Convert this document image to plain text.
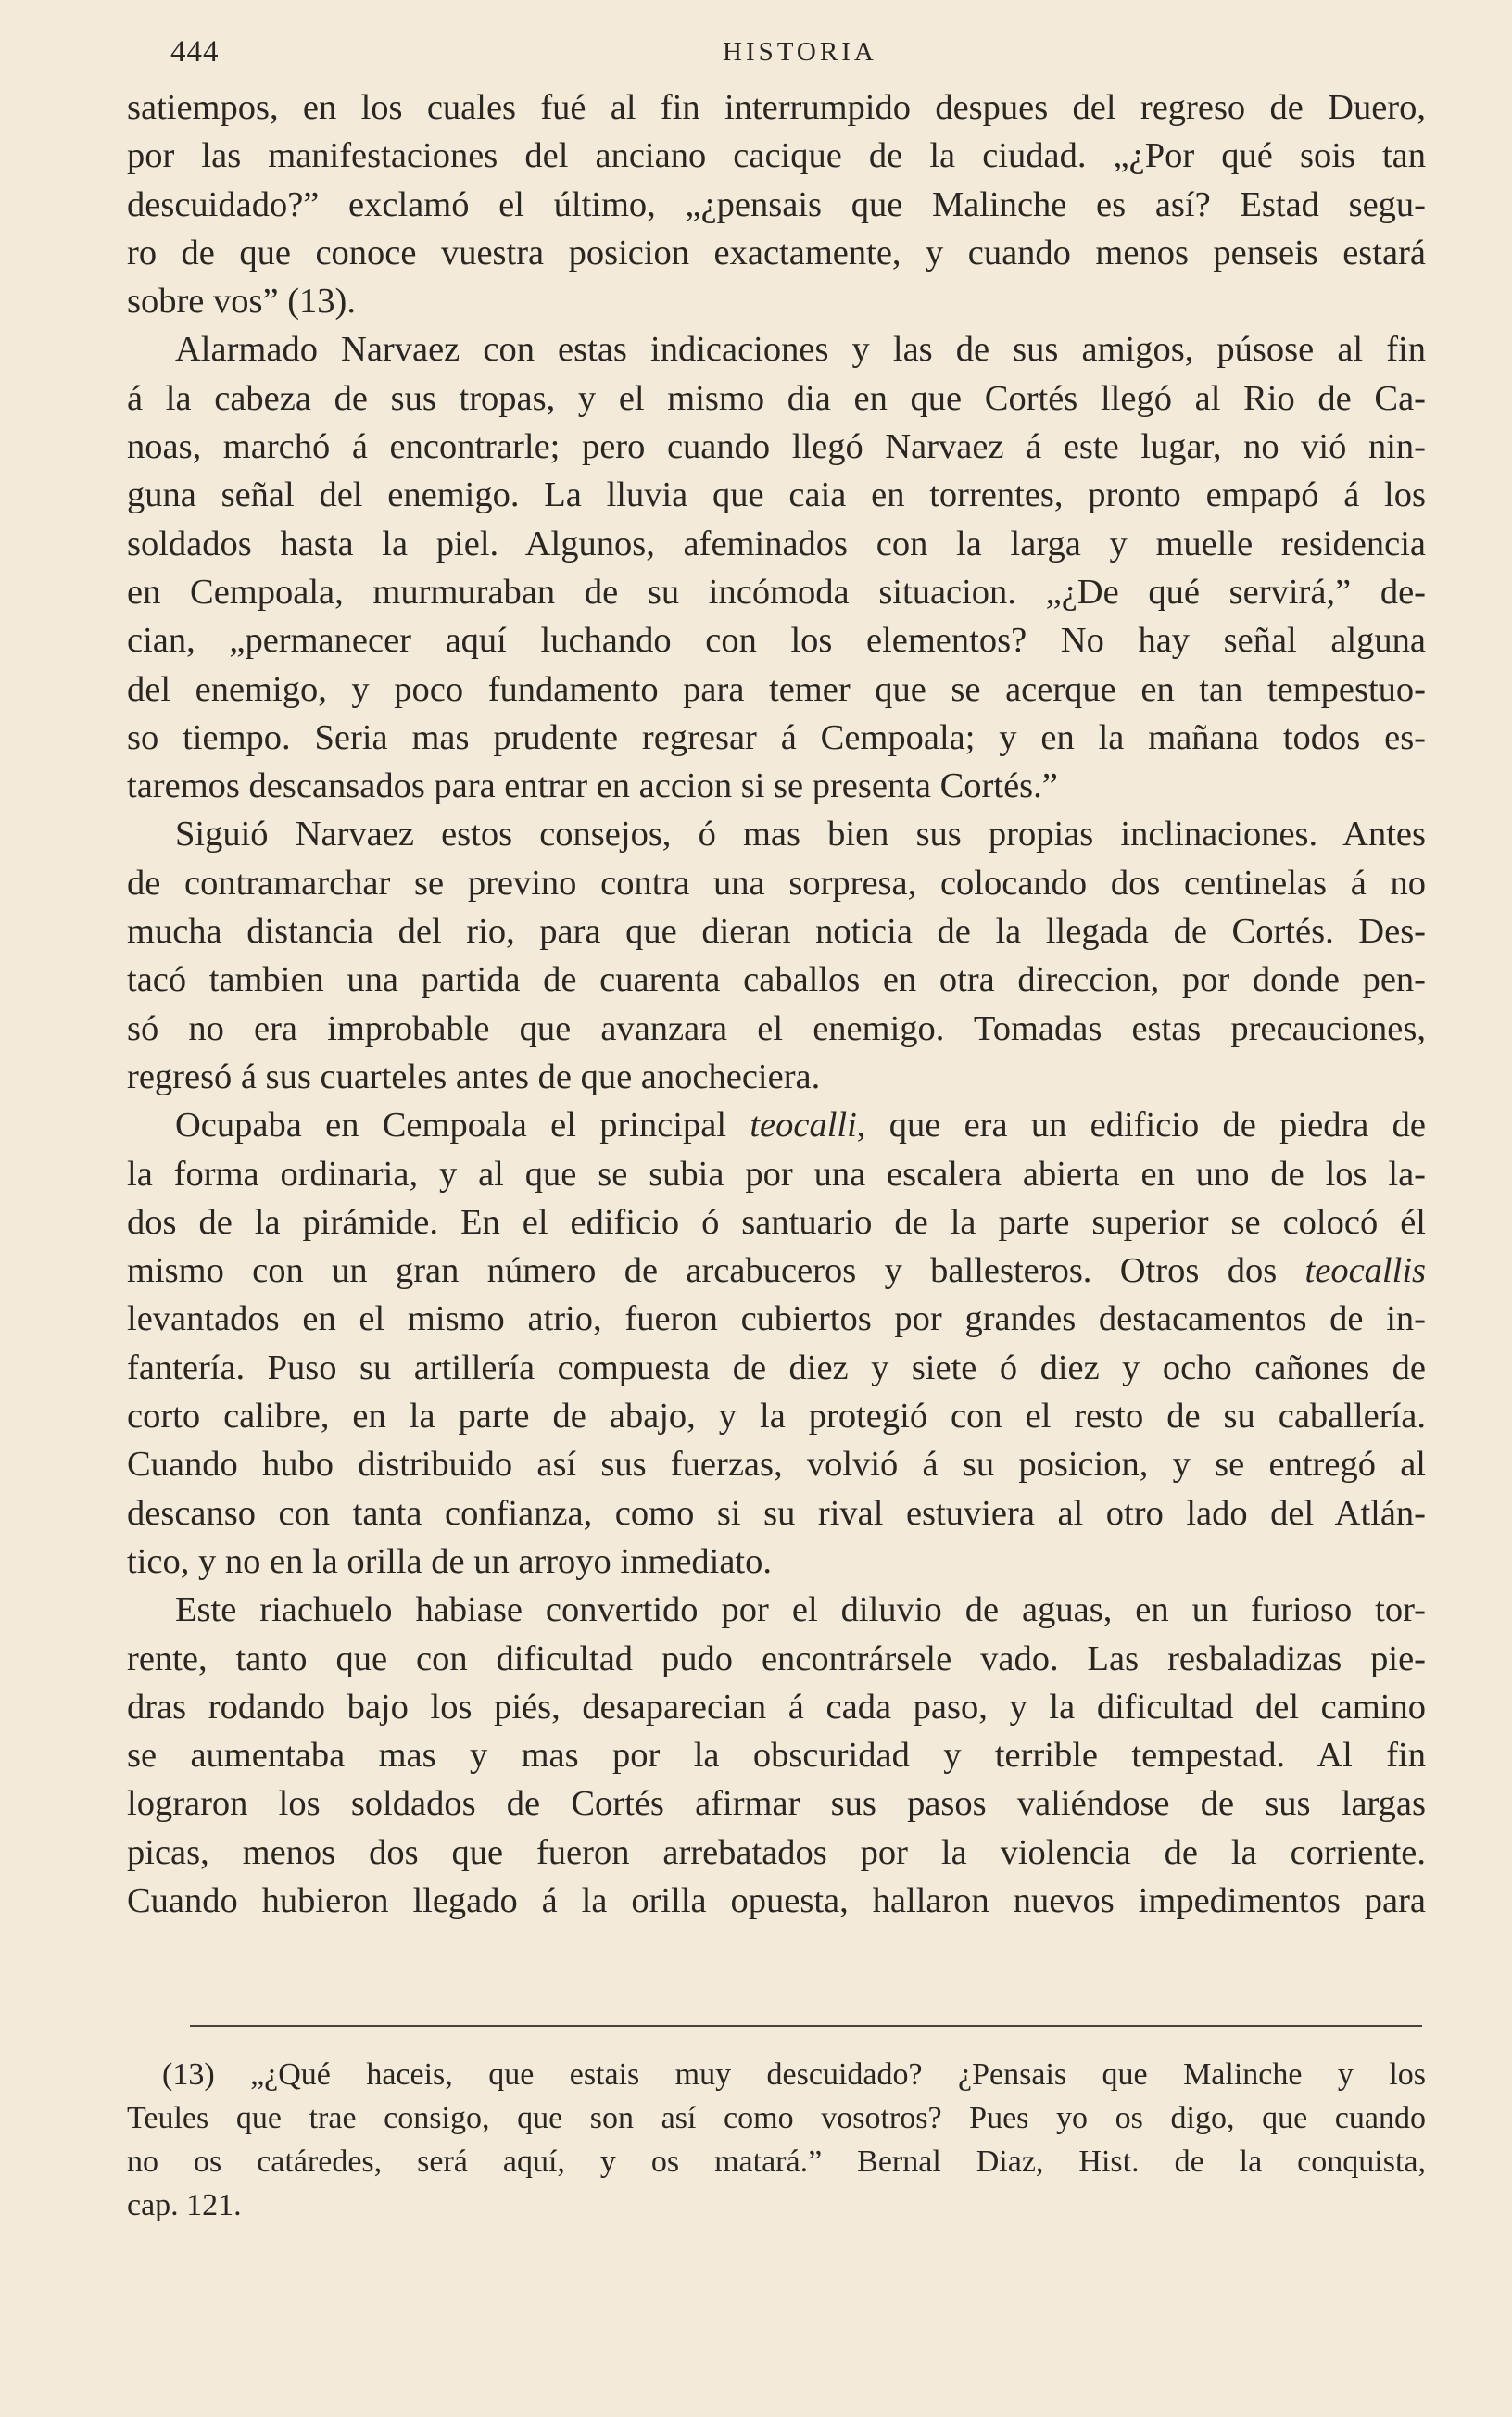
444	HISTORIA
satiempos, en los cuales fué al fin interrumpido despues del regreso de Duero,
por las manifestaciones del anciano cacique de la ciudad. „¿Por qué sois tan
descuidado?” exclamó el último, „¿pensais que Malinche es así? Estad segu-
ro de que conoce vuestra posicion exactamente, y cuando menos penseis estará
sobre vos” (13).
Alarmado Narvaez con estas indicaciones y las de sus amigos, púsose al fin
á la cabeza de sus tropas, y el mismo dia en que Cortés llegó al Rio de Ca-
noas, marchó á encontrarle; pero cuando llegó Narvaez á este lugar, no vió nin-
guna señal del enemigo. La lluvia que caia en torrentes, pronto empapó á los
soldados hasta la piel. Algunos, afeminados con la larga y muelle residencia
en Cempoala, murmuraban de su incómoda situacion. „¿De qué servirá,” de-
cian, „permanecer aquí luchando con los elementos? No hay señal alguna
del enemigo, y poco fundamento para temer que se acerque en tan tempestuo-
so tiempo. Seria mas prudente regresar á Cempoala; y en la mañana todos es-
taremos descansados para entrar en accion si se presenta Cortés.”
Siguió Narvaez estos consejos, ó mas bien sus propias inclinaciones. Antes
de contramarchar se previno contra una sorpresa, colocando dos centinelas á no
mucha distancia del rio, para que dieran noticia de la llegada de Cortés. Des-
tacó tambien una partida de cuarenta caballos en otra direccion, por donde pen-
só no era improbable que avanzara el enemigo. Tomadas estas precauciones,
regresó á sus cuarteles antes de que anocheciera.
Ocupaba en Cempoala el principal teocalli, que era un edificio de piedra de
la forma ordinaria, y al que se subia por una escalera abierta en uno de los la-
dos de la pirámide. En el edificio ó santuario de la parte superior se colocó él
mismo con un gran número de arcabuceros y ballesteros. Otros dos teocallis
levantados en el mismo atrio, fueron cubiertos por grandes destacamentos de in-
fantería. Puso su artillería compuesta de diez y siete ó diez y ocho cañones de
corto calibre, en la parte de abajo, y la protegió con el resto de su caballería.
Cuando hubo distribuido así sus fuerzas, volvió á su posicion, y se entregó al
descanso con tanta confianza, como si su rival estuviera al otro lado del Atlán-
tico, y no en la orilla de un arroyo inmediato.
Este riachuelo habiase convertido por el diluvio de aguas, en un furioso tor-
rente, tanto que con dificultad pudo encontrársele vado. Las resbaladizas pie-
dras rodando bajo los piés, desaparecian á cada paso, y la dificultad del camino
se aumentaba mas y mas por la obscuridad y terrible tempestad. Al fin
lograron los soldados de Cortés afirmar sus pasos valiéndose de sus largas
picas, menos dos que fueron arrebatados por la violencia de la corriente.
Cuando hubieron llegado á la orilla opuesta, hallaron nuevos impedimentos para
(13) „¿Qué haceis, que estais muy descuidado? ¿Pensais que Malinche y los
Teules que trae consigo, que son así como vosotros? Pues yo os digo, que cuando
no os catáredes, será aquí, y os matará.” Bernal Diaz, Hist. de la conquista,
cap. 121.
